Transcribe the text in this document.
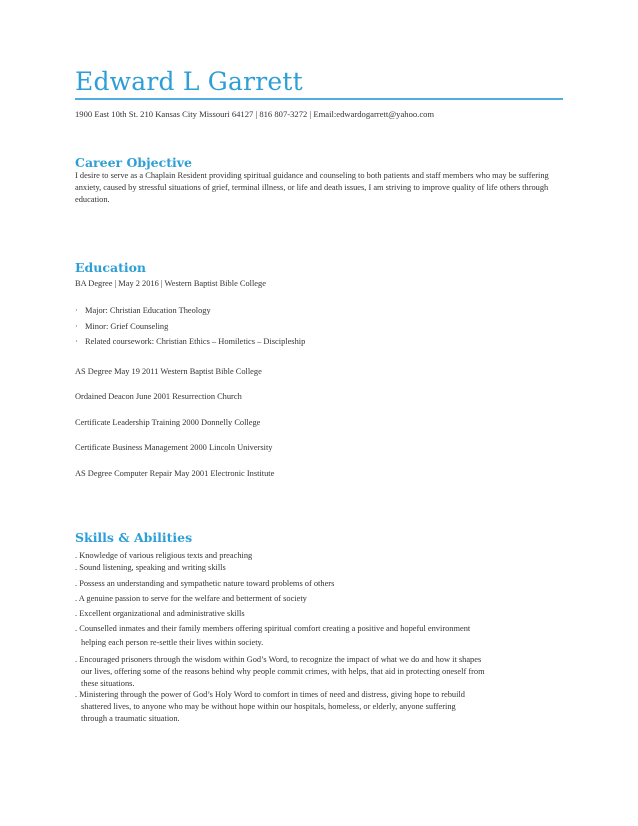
Edward L Garrett
1900 East 10th St. 210 Kansas City Missouri 64127 | 816 807-3272 | Email:edwardogarrett@yahoo.com
Career Objective

I desire to serve as a Chaplain Resident providing spiritual guidance and counseling to both patients and staff members who may be suffering anxiety, caused by stressful situations of grief, terminal illness, or life and death issues, I am striving to improve quality of life others through education.

Education
BA Degree | May 2 2016 | Western Baptist Bible College
· Major: Christian Education Theology
· Minor: Grief Counseling
· Related coursework: Christian Ethics – Homiletics – Discipleship
AS Degree May 19 2011 Western Baptist Bible College
Ordained Deacon June 2001 Resurrection Church
Certificate Leadership Training 2000 Donnelly College
Certificate Business Management 2000 Lincoln University
AS Degree Computer Repair May 2001 Electronic Institute
Skills & Abilities
. Knowledge of various religious texts and preaching
. Sound listening, speaking and writing skills
. Possess an understanding and sympathetic nature toward problems of others
. A genuine passion to serve for the welfare and betterment of society
. Excellent organizational and administrative skills
. Counselled inmates and their family members offering spiritual comfort creating a positive and hopeful environment
helping each person re-settle their lives within society.
. Encouraged prisoners through the wisdom within God’s Word, to recognize the impact of what we do and how it shapes
our lives, offering some of the reasons behind why people commit crimes, with helps, that aid in protecting oneself from
these situations.
. Ministering through the power of God’s Holy Word to comfort in times of need and distress, giving hope to rebuild
shattered lives, to anyone who may be without hope within our hospitals, homeless, or elderly, anyone suffering
through a traumatic situation.
